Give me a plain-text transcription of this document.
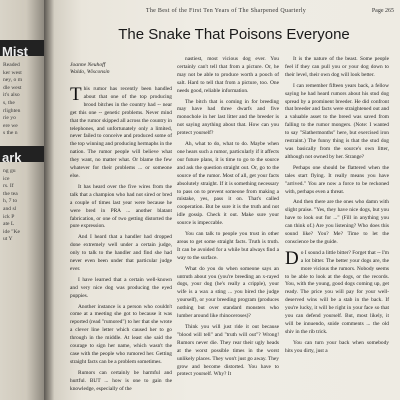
Mist
Readed
ker west
ney, o m
dle west
it's also
s, the
rlighten
rie yo
ere we
s the n
ark
ng gu
ice
rs. If
the tea
h, 7 to
and sl
ick P
ate L
ide "Ke
ut Y
The Best of the First Ten Years of The Sharpened Quarterly	Page 265
The Snake That Poisons Everyone
Joanne Neuhoff
Waldo, Wisconsin

This rumor has recently been handled about that one of the top producing brood bitches in the country had -- near get this one -- genetic problems. Never mind that the rumor skipped all across the country in telephones, and unfortunately only a limited, never failed to conceive and produced some of the top winning and producing hermaphs in the nation. The rumor people will believe what they want, no matter what. Or blame the few whatever for their problems ... or someone else.

It has heard over the five wires from the talk that a champion who had not sired or bred a couple of times last year were because he were bred in PRA ... another blatant fabrication, or one of two getting distorted the pure expression.

And I heard that a handler had dropped done extremely well under a certain judge, only to talk to the handler and find she had never even been under that particular judge ever.

I have learned that a certain well-known and very nice dog was producing the eyed puppies.

Another instance is a person who couldn't come at a meeting she got to because it was reported (read "rumored") to her that she wrote a clever line letter which caused her to go through in the middle. At least she said the courage to sign her name, which wasn't the case with the people who rumored her. Getting straight facts can be a problem sometimes.

Rumors can certainly be harmful and hurtful. BUT ... how is one to gain the knowledge, especially of the

nastiest, most vicious dog ever. You certainly can't tell that from a picture. Or, he may not be able to produce worth a pooch of salt. Hard to tell that from a picture, too. One needs good, reliable information.

The bitch that is coming in for breeding may have had three dwarfs and five monochole in her last litter and the breeder is not saying anything about that. How can you protect yourself?

Ah, what to do, what to do. Maybe when one hears such a rumor, particularly if it affects our future plans, it is time to go to the source and ask the question straight out. Or, go to the source of the rumor. Most of all, get your facts absolutely straight. If it is something necessary to pass on to prevent someone from making a mistake, yes, pass it on. That's called cooperation. But be sure it is the truth and not idle gossip. Check it out. Make sure your source is impeccable.

You can talk to people you trust in other areas to get some straight facts. Truth is truth. It can be avoided for a while but always find a way to the surface.

What do you do when someone says an untruth about you (you're breeding an x-rayed dogs, your dog (he's really a cripple), your wife is a wax a sting ... you bired the judge yourself), or your breeding program (produces nothing but over standard monsters who lumber around like rhinoceroses)?

Think you will just ride it out because "blood will tell" and "truth will out"? Wrong! Rumors never die. They rear their ugly heads at the worst possible times in the worst unlikely places. They won't just go away. They grow and become distorted. You have to protect yourself. Why? It

It is the nature of the beast. Some people feel if they can pull you or your dog down to their level, their own dog will look better.

I can remember fifteen years back, a fellow saying he had heard rumors about his stud dog spread by a prominent breeder. He did confront that breeder and facts were straightened out and a valuable asset to the breed was saved from falling to the rumor mongers. (Note: I wanted to say "Slathermonths" here, but exercised iron restraint.) The funny thing is that the stud dog was basically from the source's own litter, although not owned by her. Strange?

Perhaps one should be flattered when the tales start flying. It really means you have "arrived." You are now a force to be reckoned with, perhaps even a threat.

And then there are the ones who damn with slight praise. "Yes, they have nice dogs, but you have to look out for ..." (Fill in anything you can think of.) Are you listening? Who does this sound like? You? Me? Time to let the conscience be the guide.

Do I sound a little bitter? Forget that -- I'm a lot bitter. The better your dogs are, the more vicious the rumors. Nobody seems to be able to look at the dogs, or the records. You, with the young, good dogs coming up, get ready. The price you will pay for your well-deserved wins will be a stab in the back. If you're lucky, it will be right in your face so that you can defend yourself. But, most likely, it will be innuendo, snide comments ... the old shiv in the rib trick.

You can turn your back when somebody hits you dirty, just a
